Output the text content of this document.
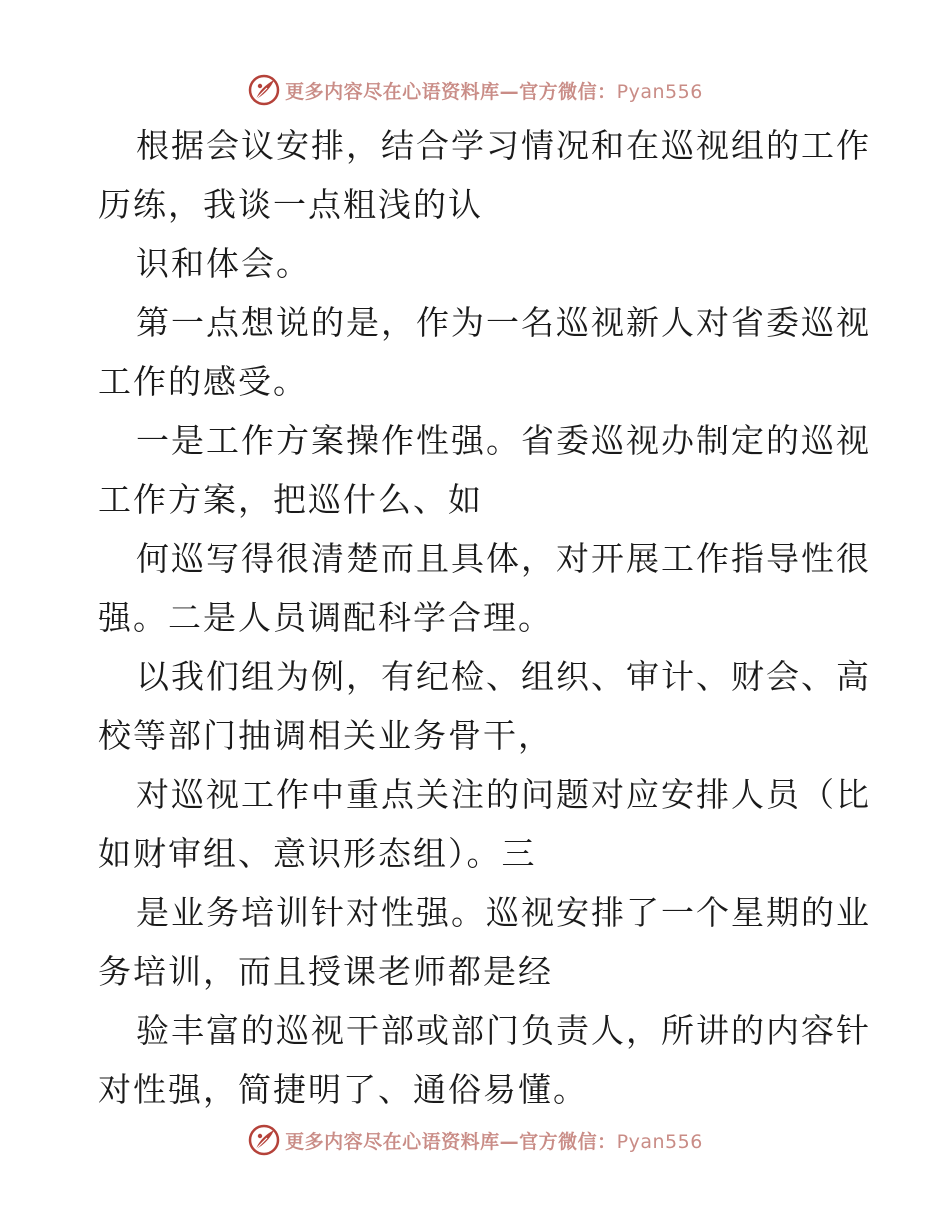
更多内容尽在心语资料库—官方微信：Pyan556

根据会议安排，结合学习情况和在巡视组的工作

历练，我谈一点粗浅的认

识和体会。

第一点想说的是，作为一名巡视新人对省委巡视

工作的感受。

一是工作方案操作性强。省委巡视办制定的巡视

工作方案，把巡什么、如

何巡写得很清楚而且具体，对开展工作指导性很

强。二是人员调配科学合理。

以我们组为例，有纪检、组织、审计、财会、高

校等部门抽调相关业务骨干，

对巡视工作中重点关注的问题对应安排人员（比

如财审组、意识形态组）。三

是业务培训针对性强。巡视安排了一个星期的业

务培训，而且授课老师都是经

验丰富的巡视干部或部门负责人，所讲的内容针

对性强，简捷明了、通俗易懂。

更多内容尽在心语资料库—官方微信：Pyan556
